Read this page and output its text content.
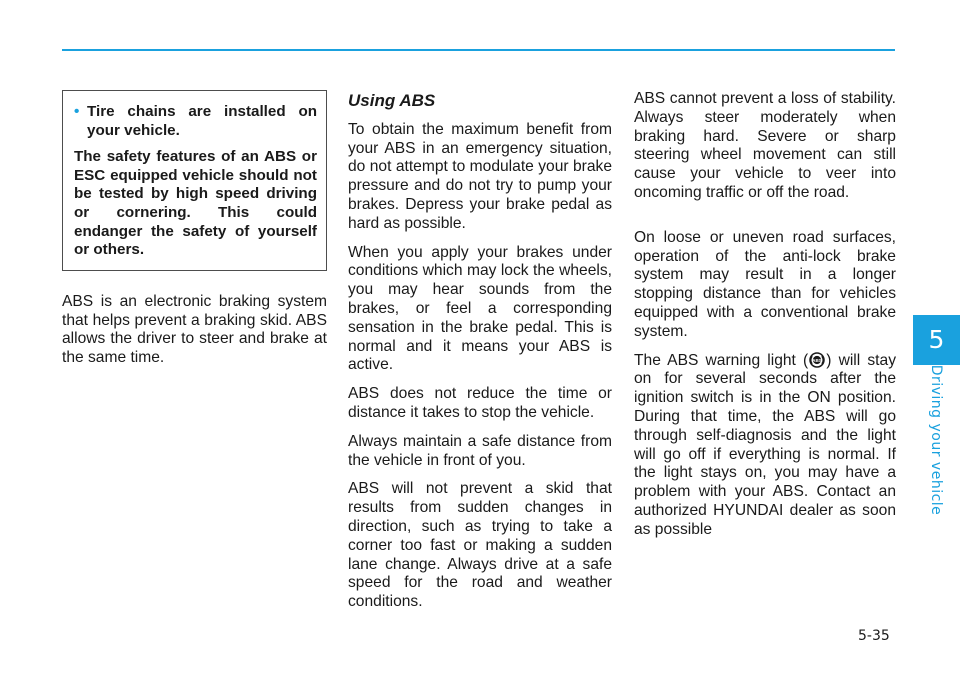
• Tire chains are installed on your vehicle.
The safety features of an ABS or ESC equipped vehicle should not be tested by high speed driving or cornering. This could endanger the safety of yourself or others.

ABS is an electronic braking system that helps prevent a braking skid. ABS allows the driver to steer and brake at the same time.

Using ABS

To obtain the maximum benefit from your ABS in an emergency situation, do not attempt to modulate your brake pressure and do not try to pump your brakes. Depress your brake pedal as hard as possible.

When you apply your brakes under conditions which may lock the wheels, you may hear sounds from the brakes, or feel a corresponding sensation in the brake pedal. This is normal and it means your ABS is active.

ABS does not reduce the time or distance it takes to stop the vehicle.

Always maintain a safe distance from the vehicle in front of you.

ABS will not prevent a skid that results from sudden changes in direction, such as trying to take a corner too fast or making a sudden lane change. Always drive at a safe speed for the road and weather conditions.

ABS cannot prevent a loss of stability. Always steer moderately when braking hard. Severe or sharp steering wheel movement can still cause your vehicle to veer into oncoming traffic or off the road.

On loose or uneven road surfaces, operation of the anti-lock brake system may result in a longer stopping distance than for vehicles equipped with a conventional brake system.

The ABS warning light ( ABS ) will stay on for several seconds after the ignition switch is in the ON position. During that time, the ABS will go through self-diagnosis and the light will go off if everything is normal. If the light stays on, you may have a problem with your ABS. Contact an authorized HYUNDAI dealer as soon as possible

5
Driving your vehicle
5-35
